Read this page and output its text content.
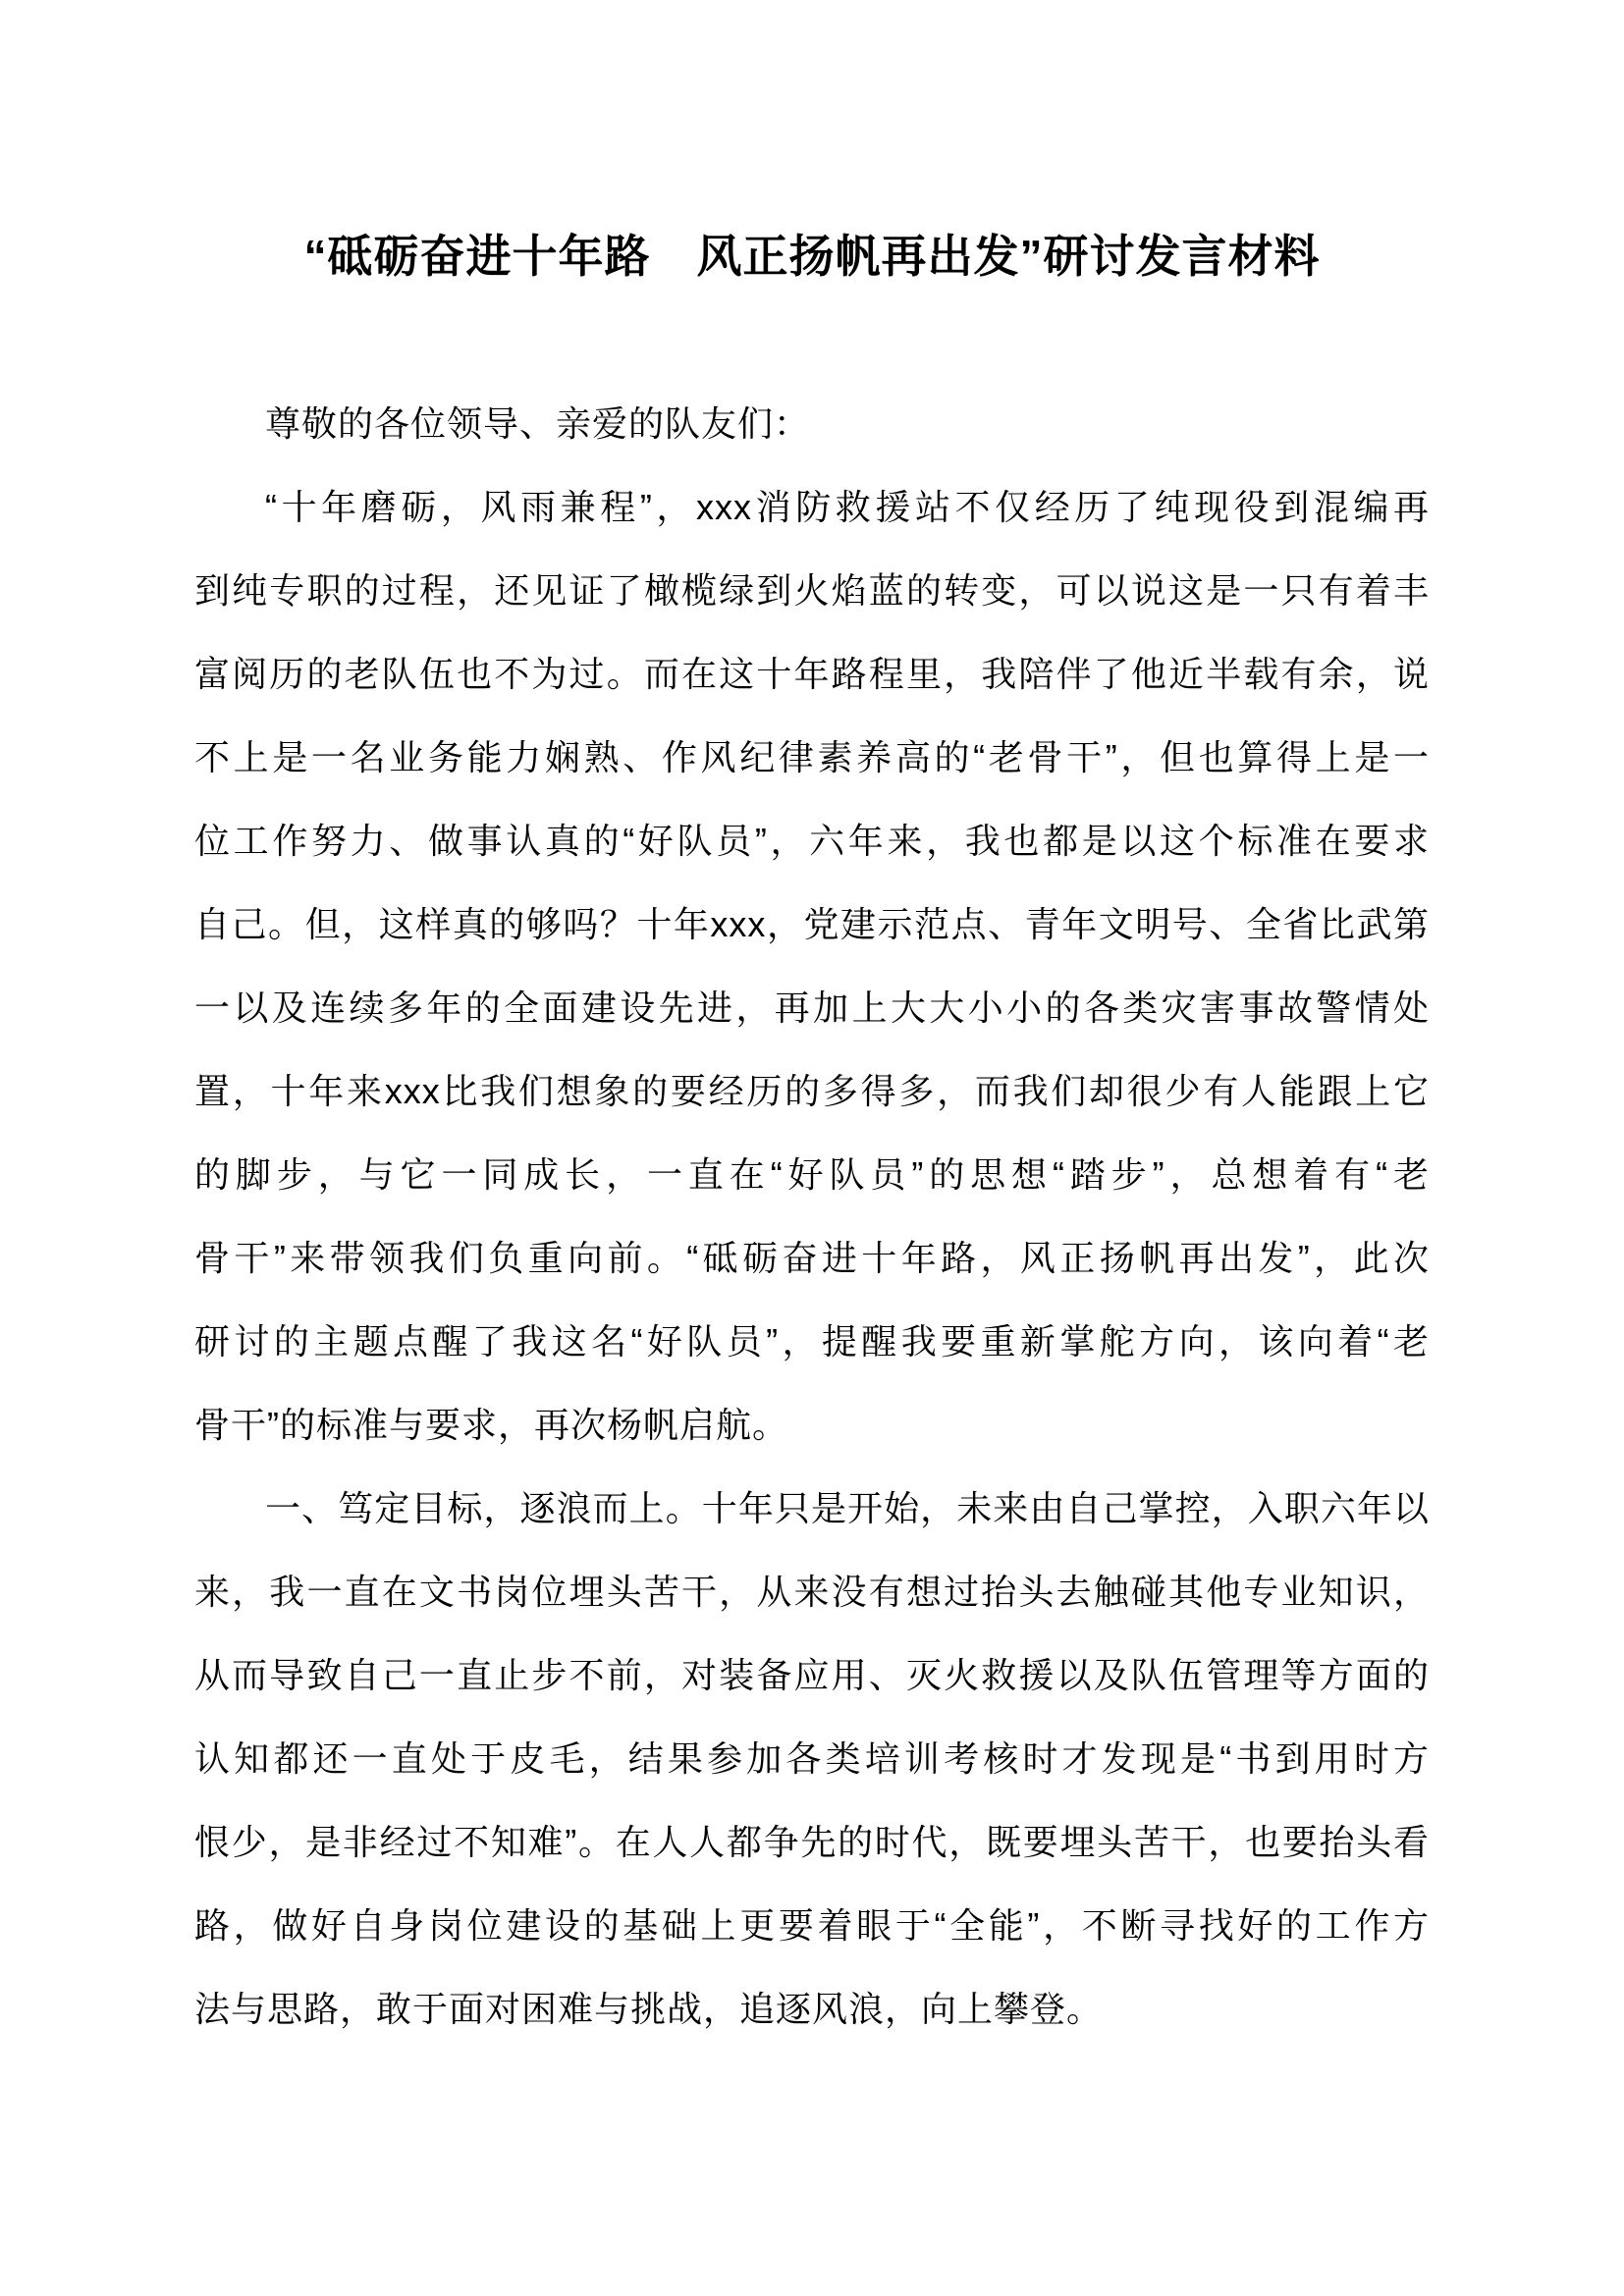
“砥砺奋进十年路　风正扬帆再出发”研讨发言材料
尊敬的各位领导、亲爱的队友们：
“十年磨砺，风雨兼程”，xxx消防救援站不仅经历了纯现役到混编再
到纯专职的过程，还见证了橄榄绿到火焰蓝的转变，可以说这是一只有着丰
富阅历的老队伍也不为过。而在这十年路程里，我陪伴了他近半载有余，说
不上是一名业务能力娴熟、作风纪律素养高的“老骨干”，但也算得上是一
位工作努力、做事认真的“好队员”，六年来，我也都是以这个标准在要求
自己。但，这样真的够吗？十年xxx，党建示范点、青年文明号、全省比武第
一以及连续多年的全面建设先进，再加上大大小小的各类灾害事故警情处
置，十年来xxx比我们想象的要经历的多得多，而我们却很少有人能跟上它
的脚步，与它一同成长，一直在“好队员”的思想“踏步”，总想着有“老
骨干”来带领我们负重向前。“砥砺奋进十年路，风正扬帆再出发”，此次
研讨的主题点醒了我这名“好队员”，提醒我要重新掌舵方向，该向着“老
骨干”的标准与要求，再次杨帆启航。
一、笃定目标，逐浪而上。十年只是开始，未来由自己掌控，入职六年以
来，我一直在文书岗位埋头苦干，从来没有想过抬头去触碰其他专业知识，
从而导致自己一直止步不前，对装备应用、灭火救援以及队伍管理等方面的
认知都还一直处于皮毛，结果参加各类培训考核时才发现是“书到用时方
恨少，是非经过不知难”。在人人都争先的时代，既要埋头苦干，也要抬头看
路，做好自身岗位建设的基础上更要着眼于“全能”，不断寻找好的工作方
法与思路，敢于面对困难与挑战，追逐风浪，向上攀登。
